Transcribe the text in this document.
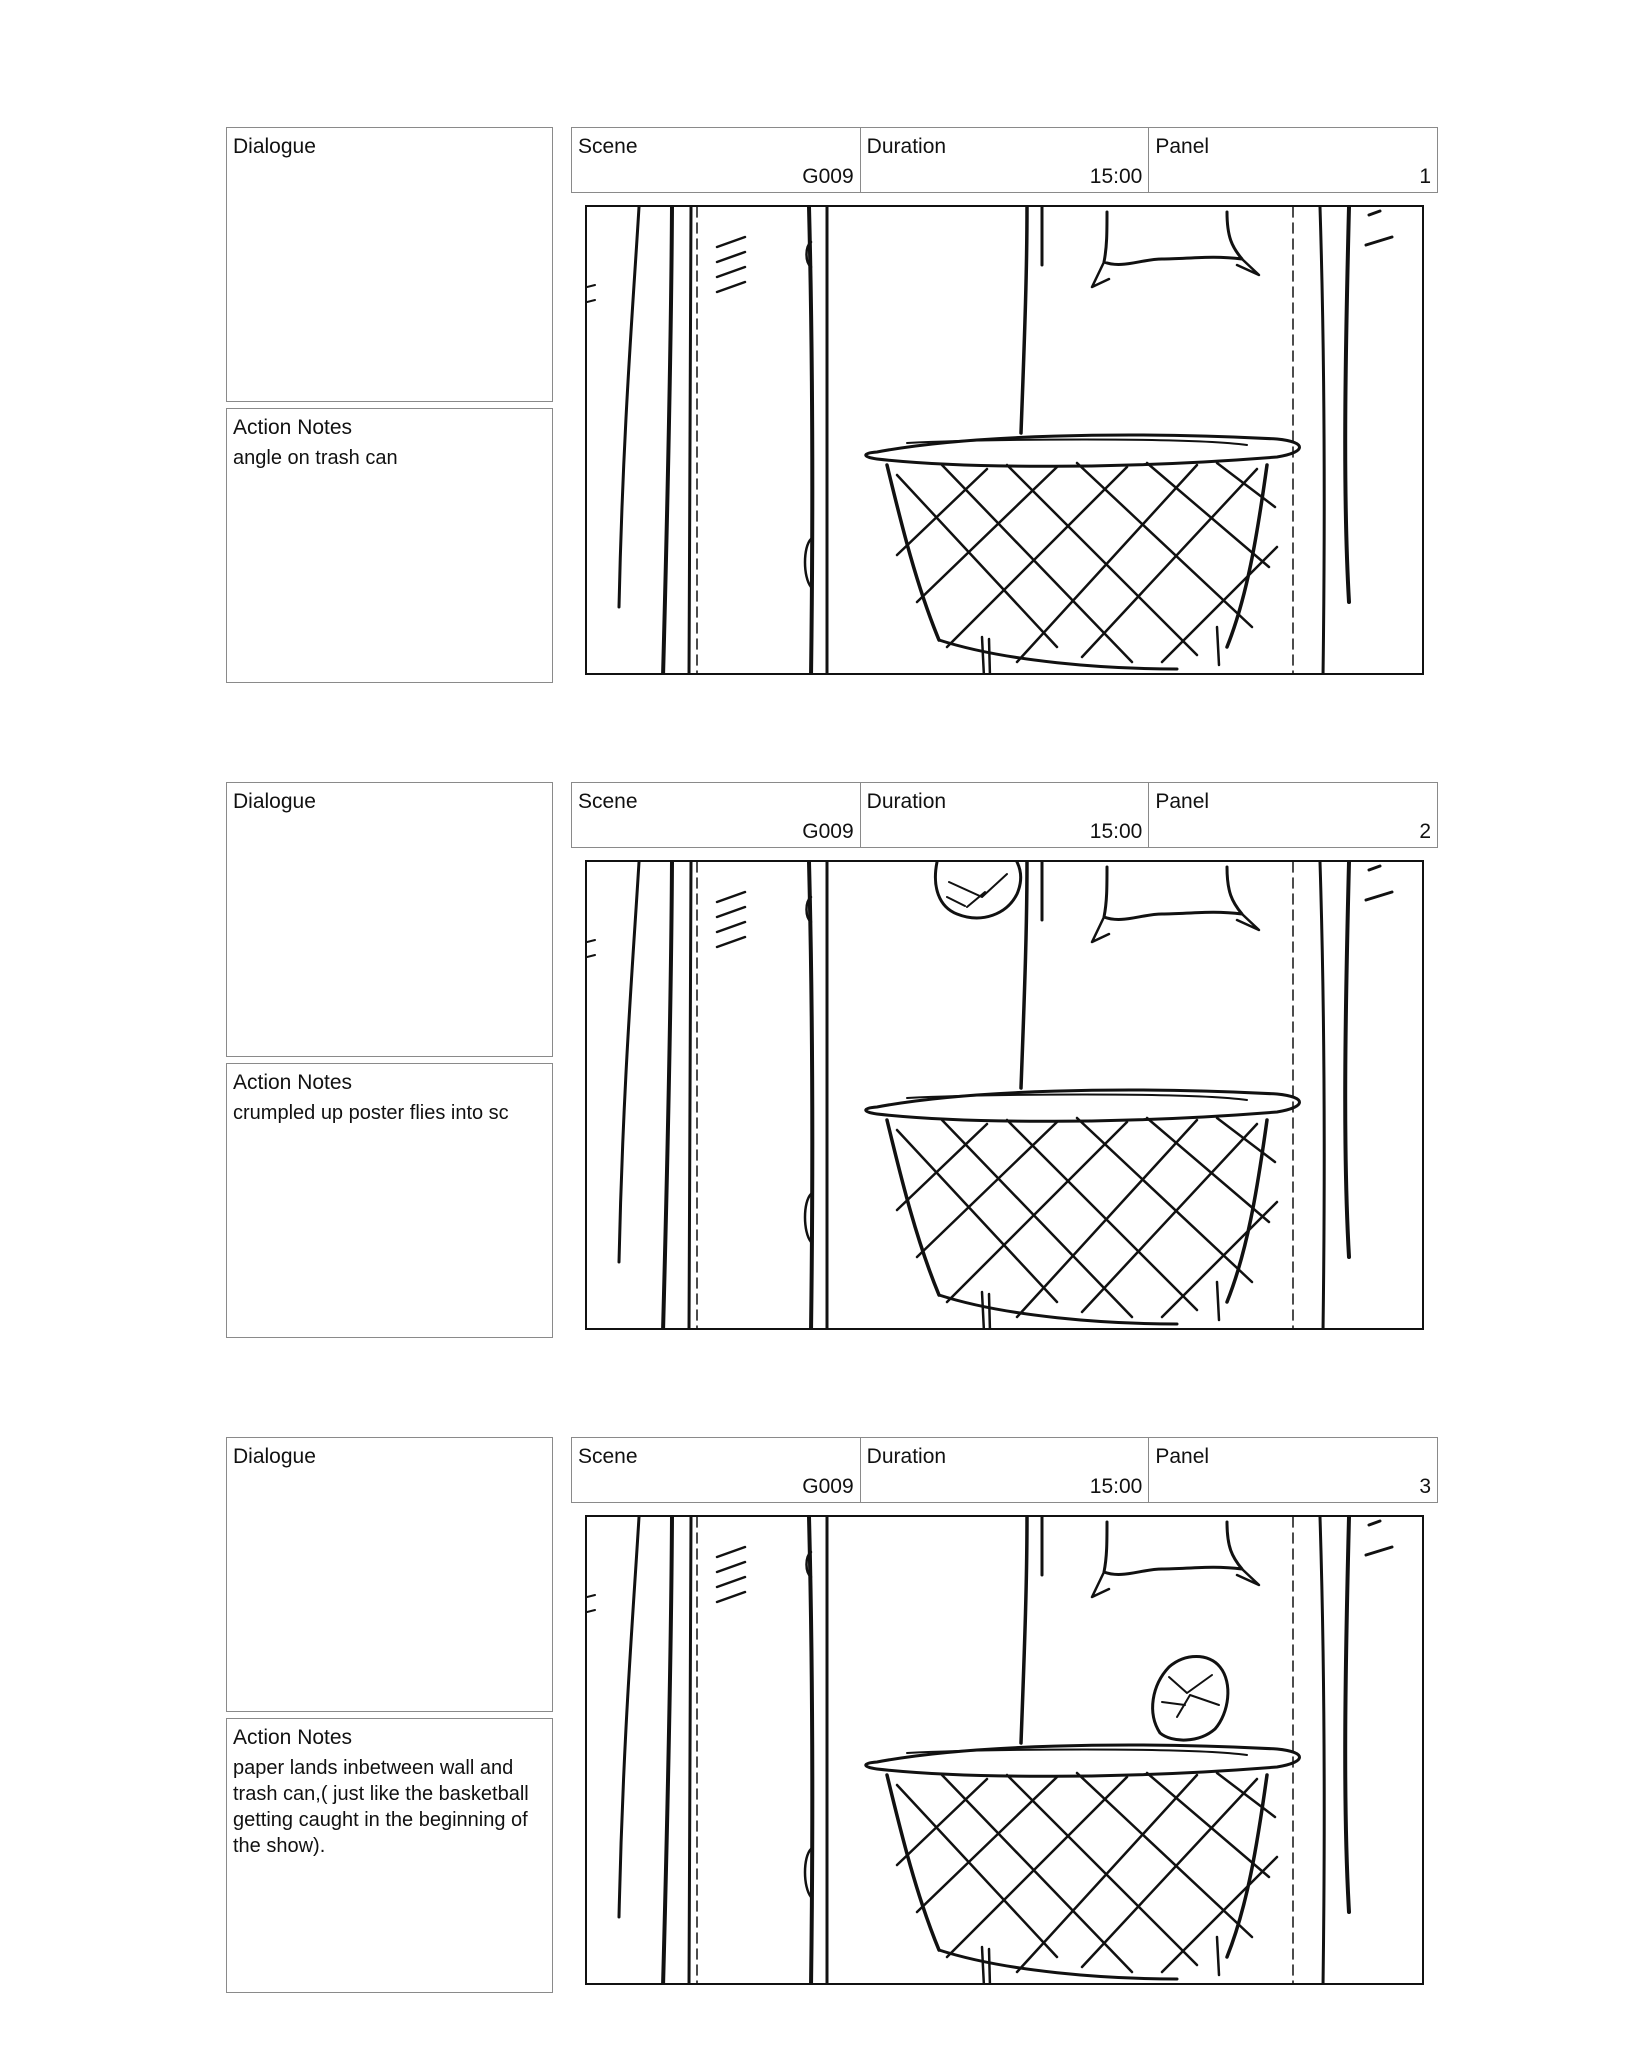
Dialogue
Action Notes
angle on trash can
Scene
G009
Duration
15:00
Panel
1
Dialogue
Action Notes
crumpled up poster flies into sc
Scene
G009
Duration
15:00
Panel
2
Dialogue
Action Notes
paper lands inbetween wall and trash can,( just like the basketball getting caught in the beginning of the show).
Scene
G009
Duration
15:00
Panel
3
